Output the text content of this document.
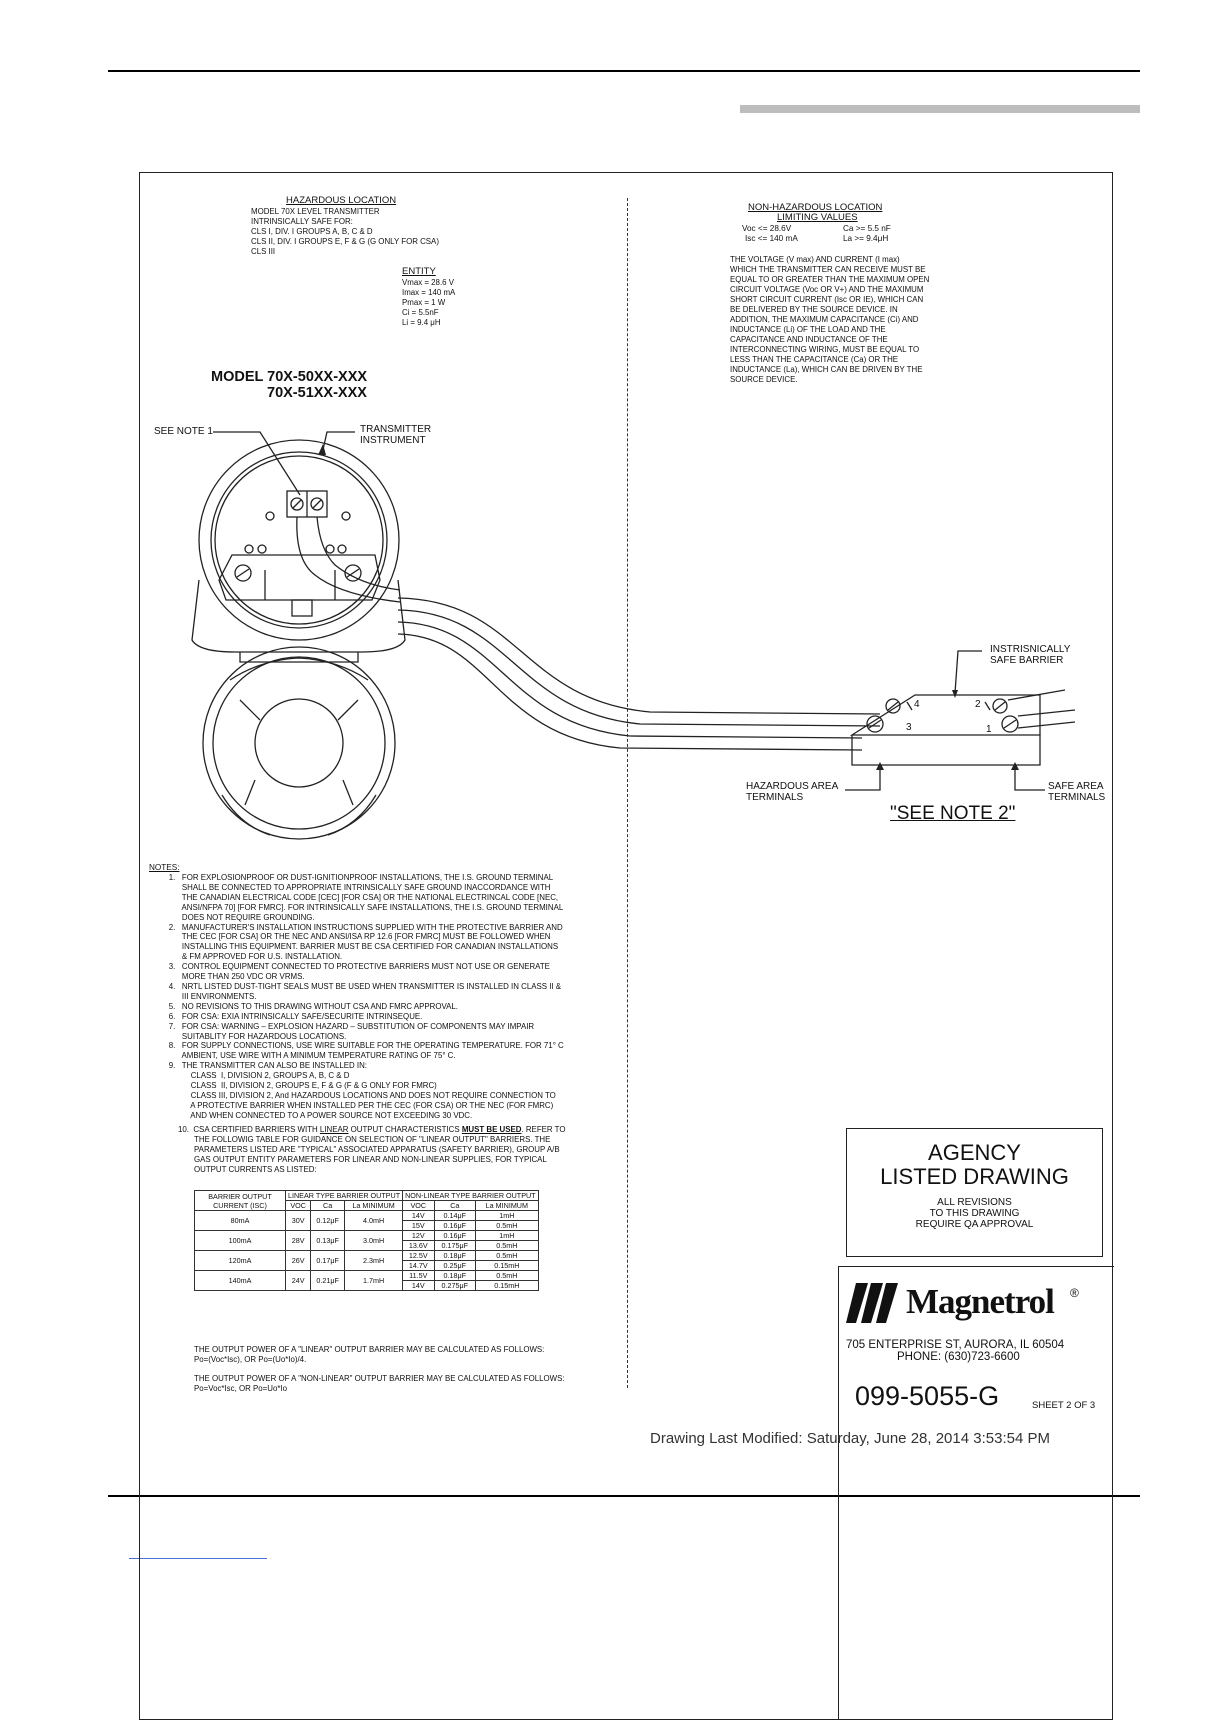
HAZARDOUS LOCATION
MODEL 70X LEVEL TRANSMITTER
INTRINSICALLY SAFE FOR:
CLS I, DIV. I GROUPS A, B, C & D
CLS II, DIV. I GROUPS E, F & G (G ONLY FOR CSA)
CLS III
ENTITY
Vmax = 28.6 V
Imax = 140 mA
Pmax = 1 W
Ci = 5.5nF
Li = 9.4 μH
MODEL 70X-50XX-XXX
70X-51XX-XXX
NON-HAZARDOUS LOCATION
LIMITING VALUES
Voc <= 28.6V	Ca >= 5.5 nF
Isc <= 140 mA	La >= 9.4μH
THE VOLTAGE (V max) AND CURRENT (I max)
WHICH THE TRANSMITTER CAN RECEIVE MUST BE
EQUAL TO OR GREATER THAN THE MAXIMUM OPEN
CIRCUIT VOLTAGE (Voc OR V+) AND THE MAXIMUM
SHORT CIRCUIT CURRENT (Isc OR IE), WHICH CAN
BE DELIVERED BY THE SOURCE DEVICE. IN
ADDITION, THE MAXIMUM CAPACITANCE (Ci) AND
INDUCTANCE (Li) OF THE LOAD AND THE
CAPACITANCE AND INDUCTANCE OF THE
INTERCONNECTING WIRING, MUST BE EQUAL TO
LESS THAN THE CAPACITANCE (Ca) OR THE
INDUCTANCE (La), WHICH CAN BE DRIVEN BY THE
SOURCE DEVICE.
SEE NOTE 1	TRANSMITTER
INSTRUMENT
INSTRISNICALLY
SAFE BARRIER
4
3
2
1
HAZARDOUS AREA
TERMINALS
SAFE AREA
TERMINALS
"SEE NOTE 2"
NOTES:
1.   FOR EXPLOSIONPROOF OR DUST-IGNITIONPROOF INSTALLATIONS, THE I.S. GROUND TERMINAL
SHALL BE CONNECTED TO APPROPRIATE INTRINSICALLY SAFE GROUND INACCORDANCE WITH
THE CANADIAN ELECTRICAL CODE [CEC] [FOR CSA] OR THE NATIONAL ELECTRINCAL CODE [NEC,
ANSI/NFPA 70] [FOR FMRC]. FOR INTRINSICALLY SAFE INSTALLATIONS, THE I.S. GROUND TERMINAL
DOES NOT REQUIRE GROUNDING.
2.   MANUFACTURER'S INSTALLATION INSTRUCTIONS SUPPLIED WITH THE PROTECTIVE BARRIER AND
THE CEC [FOR CSA] OR THE NEC AND ANSI/ISA RP 12.6 [FOR FMRC] MUST BE FOLLOWED WHEN
INSTALLING THIS EQUIPMENT. BARRIER MUST BE CSA CERTIFIED FOR CANADIAN INSTALLATIONS
& FM APPROVED FOR U.S. INSTALLATION.
3.   CONTROL EQUIPMENT CONNECTED TO PROTECTIVE BARRIERS MUST NOT USE OR GENERATE
MORE THAN 250 VDC OR VRMS.
4.   NRTL LISTED DUST-TIGHT SEALS MUST BE USED WHEN TRANSMITTER IS INSTALLED IN CLASS II &
III ENVIRONMENTS.
5.   NO REVISIONS TO THIS DRAWING WITHOUT CSA AND FMRC APPROVAL.
6.   FOR CSA: EXIA INTRINSICALLY SAFE/SECURITE INTRINSEQUE.
7.   FOR CSA: WARNING – EXPLOSION HAZARD – SUBSTITUTION OF COMPONENTS MAY IMPAIR
SUITABLITY FOR HAZARDOUS LOCATIONS.
8.   FOR SUPPLY CONNECTIONS, USE WIRE SUITABLE FOR THE OPERATING TEMPERATURE. FOR 71° C
AMBIENT, USE WIRE WITH A MINIMUM TEMPERATURE RATING OF 75° C.
9.   THE TRANSMITTER CAN ALSO BE INSTALLED IN:
CLASS  I, DIVISION 2, GROUPS A, B, C & D
CLASS  II, DIVISION 2, GROUPS E, F & G (F & G ONLY FOR FMRC)
CLASS III, DIVISION 2, And HAZARDOUS LOCATIONS AND DOES NOT REQUIRE CONNECTION TO
A PROTECTIVE BARRIER WHEN INSTALLED PER THE CEC (FOR CSA) OR THE NEC (FOR FMRC)
AND WHEN CONNECTED TO A POWER SOURCE NOT EXCEEDING 30 VDC.
10.  CSA CERTIFIED BARRIERS WITH LINEAR OUTPUT CHARACTERISTICS MUST BE USED. REFER TO
THE FOLLOWIG TABLE FOR GUIDANCE ON SELECTION OF "LINEAR OUTPUT" BARRIERS. THE
PARAMETERS LISTED ARE "TYPICAL" ASSOCIATED APPARATUS (SAFETY BARRIER), GROUP A/B
GAS OUTPUT ENTITY PARAMETERS FOR LINEAR AND NON-LINEAR SUPPLIES, FOR TYPICAL
OUTPUT CURRENTS AS LISTED:
BARRIER OUTPUT CURRENT (ISC)	LINEAR TYPE BARRIER OUTPUT			NON-LINEAR TYPE BARRIER OUTPUT		
	VOC	Ca	La MINIMUM	VOC	Ca	La MINIMUM
80mA	30V	0.12μF	4.0mH	14V	0.14μF	1mH
				15V	0.16μF	0.5mH
100mA	28V	0.13μF	3.0mH	12V	0.16μF	1mH
				13.6V	0.175μF	0.5mH
120mA	26V	0.17μF	2.3mH	12.5V	0.18μF	0.5mH
				14.7V	0.25μF	0.15mH
140mA	24V	0.21μF	1.7mH	11.5V	0.18μF	0.5mH
				14V	0.275μF	0.15mH
THE OUTPUT POWER OF A "LINEAR" OUTPUT BARRIER MAY BE CALCULATED AS FOLLOWS:
Po=(Voc*Isc), OR Po=(Uo*Io)/4.
THE OUTPUT POWER OF A "NON-LINEAR" OUTPUT BARRIER MAY BE CALCULATED AS FOLLOWS:
Po=Voc*Isc, OR Po=Uo*Io
AGENCY
LISTED DRAWING
ALL REVISIONS
TO THIS DRAWING
REQUIRE QA APPROVAL
Magnetrol ®
705 ENTERPRISE ST, AURORA, IL 60504
PHONE: (630)723-6600
099-5055-G	SHEET 2 OF 3
Drawing Last Modified: Saturday, June 28, 2014 3:53:54 PM
